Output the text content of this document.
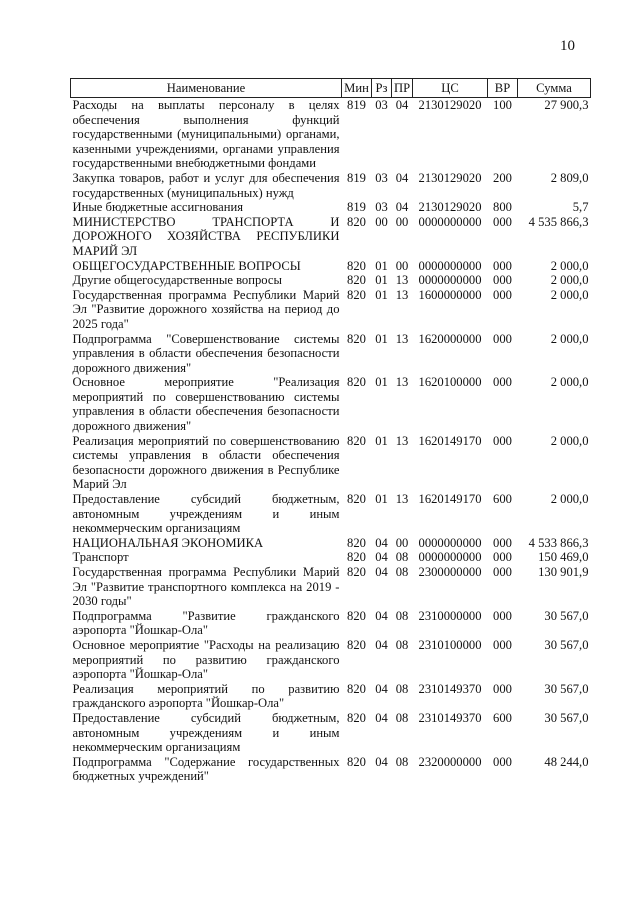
10
Наименование	Мин	Рз	ПР	ЦС	ВР	Сумма
Расходы на выплаты персоналу в целях обеспечения выполнения функций государственными (муниципальными) органами, казенными учреждениями, органами управления государственными внебюджетными фондами	819	03	04	2130129020	100	27 900,3
Закупка товаров, работ и услуг для обеспечения государственных (муниципальных) нужд	819	03	04	2130129020	200	2 809,0
Иные бюджетные ассигнования	819	03	04	2130129020	800	5,7
МИНИСТЕРСТВО ТРАНСПОРТА И ДОРОЖНОГО ХОЗЯЙСТВА РЕСПУБЛИКИ МАРИЙ ЭЛ	820	00	00	0000000000	000	4 535 866,3
ОБЩЕГОСУДАРСТВЕННЫЕ ВОПРОСЫ	820	01	00	0000000000	000	2 000,0
Другие общегосударственные вопросы	820	01	13	0000000000	000	2 000,0
Государственная программа Республики Марий Эл "Развитие дорожного хозяйства на период до 2025 года"	820	01	13	1600000000	000	2 000,0
Подпрограмма "Совершенствование системы управления в области обеспечения безопасности дорожного движения"	820	01	13	1620000000	000	2 000,0
Основное мероприятие "Реализация мероприятий по совершенствованию системы управления в области обеспечения безопасности дорожного движения"	820	01	13	1620100000	000	2 000,0
Реализация мероприятий по совершенствованию системы управления в области обеспечения безопасности дорожного движения в Республике Марий Эл	820	01	13	1620149170	000	2 000,0
Предоставление субсидий бюджетным, автономным учреждениям и иным некоммерческим организациям	820	01	13	1620149170	600	2 000,0
НАЦИОНАЛЬНАЯ ЭКОНОМИКА	820	04	00	0000000000	000	4 533 866,3
Транспорт	820	04	08	0000000000	000	150 469,0
Государственная программа Республики Марий Эл "Развитие транспортного комплекса на 2019 - 2030 годы"	820	04	08	2300000000	000	130 901,9
Подпрограмма "Развитие гражданского аэропорта "Йошкар-Ола"	820	04	08	2310000000	000	30 567,0
Основное мероприятие "Расходы на реализацию мероприятий по развитию гражданского аэропорта "Йошкар-Ола"	820	04	08	2310100000	000	30 567,0
Реализация мероприятий по развитию гражданского аэропорта "Йошкар-Ола"	820	04	08	2310149370	000	30 567,0
Предоставление субсидий бюджетным, автономным учреждениям и иным некоммерческим организациям	820	04	08	2310149370	600	30 567,0
Подпрограмма "Содержание государственных бюджетных учреждений"	820	04	08	2320000000	000	48 244,0
